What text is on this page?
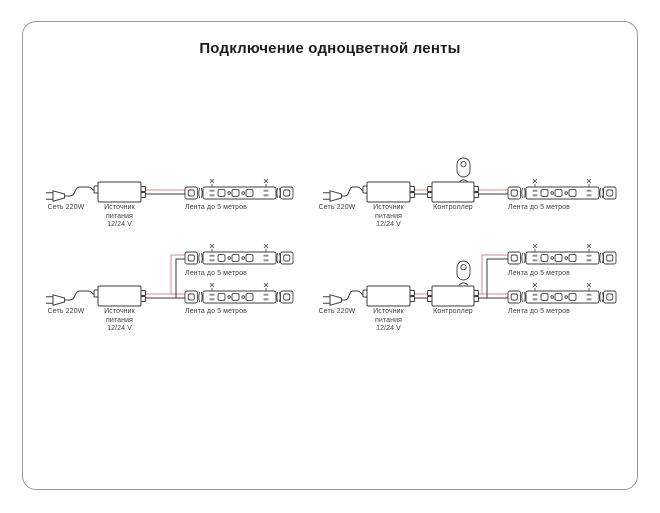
Подключение одноцветной ленты
Сеть 220W	Источник
питания
12/24 V
Лента до 5 метров	Сеть 220W	Источник
питания
12/24 V
Контроллер	Лента до 5 метров
Лента до 5 метров
Сеть 220W	Источник
питания
12/24 V
Лента до 5 метров
Лента до 5 метров
Сеть 220W	Источник
питания
12/24 V
Контроллер	Лента до 5 метров
